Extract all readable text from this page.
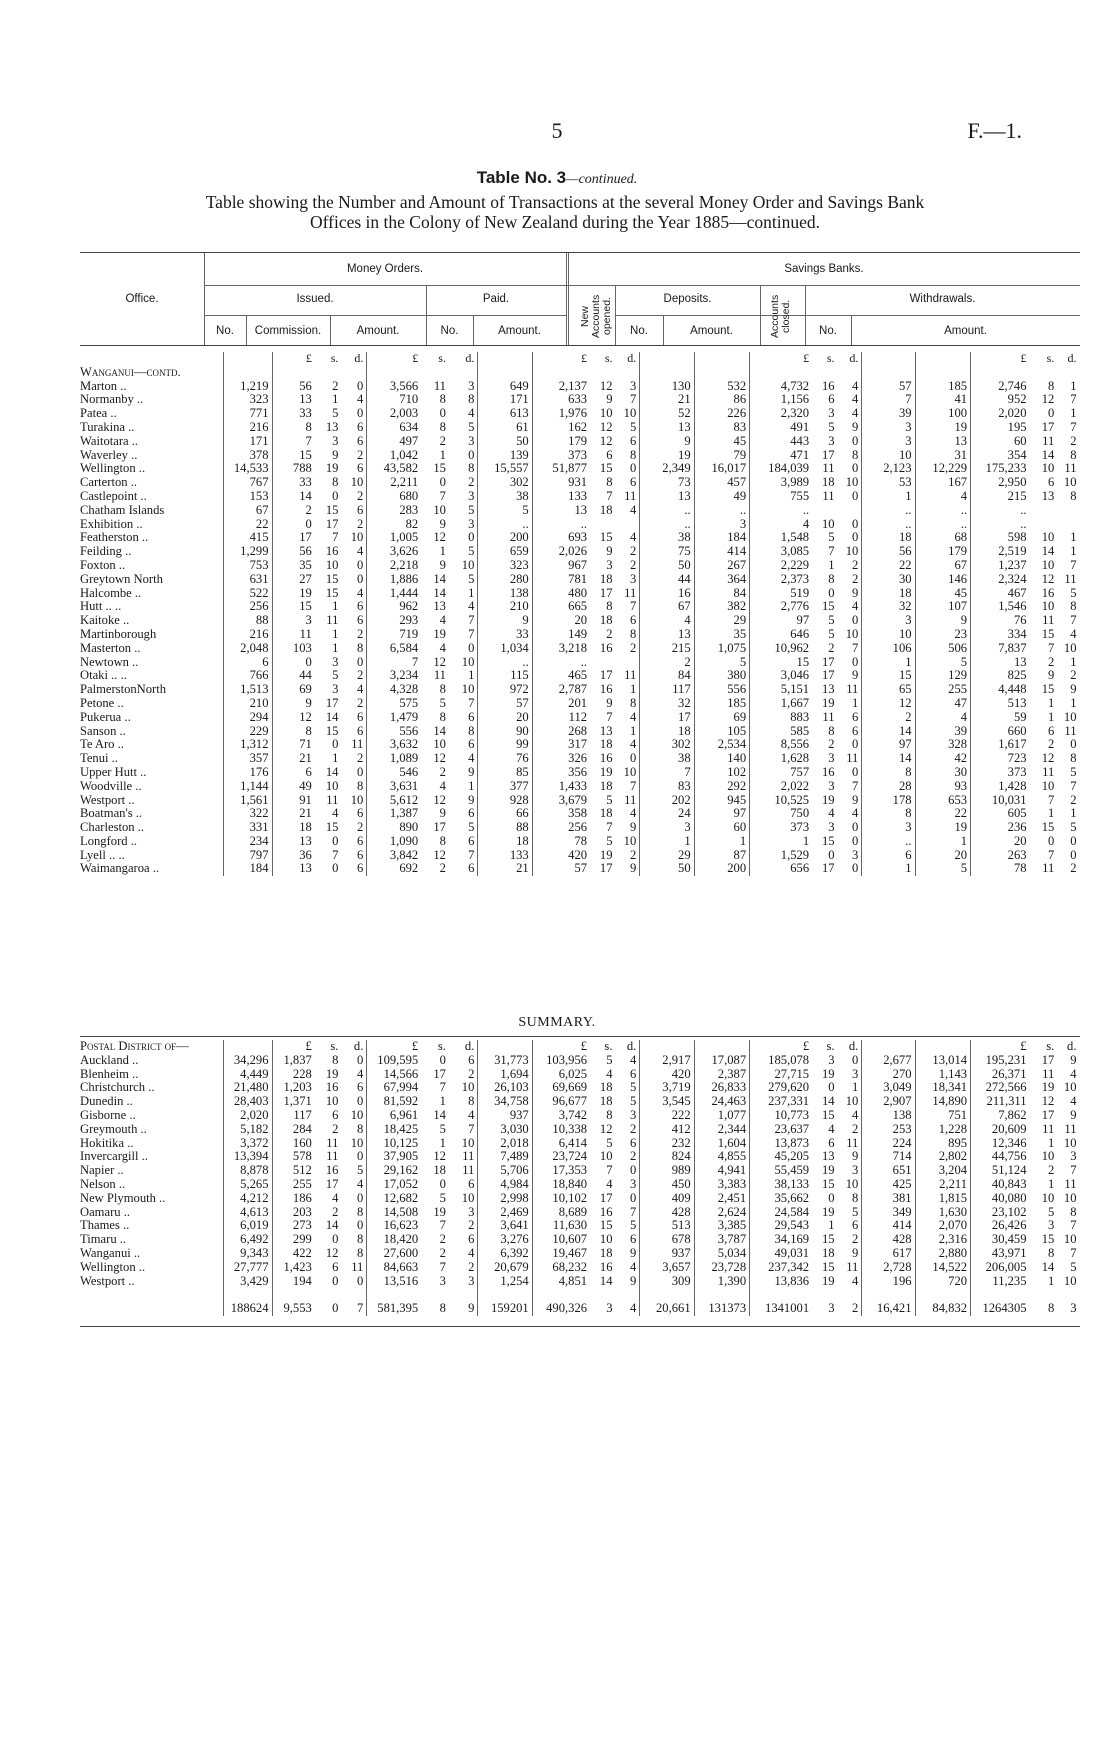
5	F.—1.
Table No. 3—continued.
Table showing the Number and Amount of Transactions at the several Money Order and Savings Bank
Offices in the Colony of New Zealand during the Year 1885—continued.
Money Orders.	Savings Banks.
Office.	Issued.	Paid.
New Accounts opened.	Deposits.	Accounts closed.
Withdrawals.
No.	Commission.	Amount.	No.	Amount.	No.	Amount.	No.	Amount.
		£	s.	d.	£	s.	d.		£	s.	d.			£	s.	d.			£	s.	d.
Wanganui—contd.																					
Marton ..	1,219	56	2	0	3,566	11	3	649	2,137	12	3	130	532	4,732	16	4	57	185	2,746	8	1
Normanby ..	323	13	1	4	710	8	8	171	633	9	7	21	86	1,156	6	4	7	41	952	12	7
Patea ..	771	33	5	0	2,003	0	4	613	1,976	10	10	52	226	2,320	3	4	39	100	2,020	0	1
Turakina ..	216	8	13	6	634	8	5	61	162	12	5	13	83	491	5	9	3	19	195	17	7
Waitotara ..	171	7	3	6	497	2	3	50	179	12	6	9	45	443	3	0	3	13	60	11	2
Waverley ..	378	15	9	2	1,042	1	0	139	373	6	8	19	79	471	17	8	10	31	354	14	8
Wellington ..	14,533	788	19	6	43,582	15	8	15,557	51,877	15	0	2,349	16,017	184,039	11	0	2,123	12,229	175,233	10	11
Carterton ..	767	33	8	10	2,211	0	2	302	931	8	6	73	457	3,989	18	10	53	167	2,950	6	10
Castlepoint ..	153	14	0	2	680	7	3	38	133	7	11	13	49	755	11	0	1	4	215	13	8
Chatham Islands	67	2	15	6	283	10	5	5	13	18	4	..	..	..			..	..	..		
Exhibition ..	22	0	17	2	82	9	3	..	..			..	3	4	10	0	..	..	..		
Featherston ..	415	17	7	10	1,005	12	0	200	693	15	4	38	184	1,548	5	0	18	68	598	10	1
Feilding ..	1,299	56	16	4	3,626	1	5	659	2,026	9	2	75	414	3,085	7	10	56	179	2,519	14	1
Foxton ..	753	35	10	0	2,218	9	10	323	967	3	2	50	267	2,229	1	2	22	67	1,237	10	7
Greytown North	631	27	15	0	1,886	14	5	280	781	18	3	44	364	2,373	8	2	30	146	2,324	12	11
Halcombe ..	522	19	15	4	1,444	14	1	138	480	17	11	16	84	519	0	9	18	45	467	16	5
Hutt .. ..	256	15	1	6	962	13	4	210	665	8	7	67	382	2,776	15	4	32	107	1,546	10	8
Kaitoke ..	88	3	11	6	293	4	7	9	20	18	6	4	29	97	5	0	3	9	76	11	7
Martinborough	216	11	1	2	719	19	7	33	149	2	8	13	35	646	5	10	10	23	334	15	4
Masterton ..	2,048	103	1	8	6,584	4	0	1,034	3,218	16	2	215	1,075	10,962	2	7	106	506	7,837	7	10
Newtown ..	6	0	3	0	7	12	10	..	..			2	5	15	17	0	1	5	13	2	1
Otaki .. ..	766	44	5	2	3,234	11	1	115	465	17	11	84	380	3,046	17	9	15	129	825	9	2
PalmerstonNorth	1,513	69	3	4	4,328	8	10	972	2,787	16	1	117	556	5,151	13	11	65	255	4,448	15	9
Petone ..	210	9	17	2	575	5	7	57	201	9	8	32	185	1,667	19	1	12	47	513	1	1
Pukerua ..	294	12	14	6	1,479	8	6	20	112	7	4	17	69	883	11	6	2	4	59	1	10
Sanson ..	229	8	15	6	556	14	8	90	268	13	1	18	105	585	8	6	14	39	660	6	11
Te Aro ..	1,312	71	0	11	3,632	10	6	99	317	18	4	302	2,534	8,556	2	0	97	328	1,617	2	0
Tenui ..	357	21	1	2	1,089	12	4	76	326	16	0	38	140	1,628	3	11	14	42	723	12	8
Upper Hutt ..	176	6	14	0	546	2	9	85	356	19	10	7	102	757	16	0	8	30	373	11	5
Woodville ..	1,144	49	10	8	3,631	4	1	377	1,433	18	7	83	292	2,022	3	7	28	93	1,428	10	7
Westport ..	1,561	91	11	10	5,612	12	9	928	3,679	5	11	202	945	10,525	19	9	178	653	10,031	7	2
Boatman's ..	322	21	4	6	1,387	9	6	66	358	18	4	24	97	750	4	4	8	22	605	1	1
Charleston ..	331	18	15	2	890	17	5	88	256	7	9	3	60	373	3	0	3	19	236	15	5
Longford ..	234	13	0	6	1,090	8	6	18	78	5	10	1	1	1	15	0	..	1	20	0	0
Lyell .. ..	797	36	7	6	3,842	12	7	133	420	19	2	29	87	1,529	0	3	6	20	263	7	0
Waimangaroa ..	184	13	0	6	692	2	6	21	57	17	9	50	200	656	17	0	1	5	78	11	2
SUMMARY.
Postal District of—		£	s.	d.	£	s.	d.		£	s.	d.			£	s.	d.			£	s.	d.
Auckland ..	34,296	1,837	8	0	109,595	0	6	31,773	103,956	5	4	2,917	17,087	185,078	3	0	2,677	13,014	195,231	17	9
Blenheim ..	4,449	228	19	4	14,566	17	2	1,694	6,025	4	6	420	2,387	27,715	19	3	270	1,143	26,371	11	4
Christchurch ..	21,480	1,203	16	6	67,994	7	10	26,103	69,669	18	5	3,719	26,833	279,620	0	1	3,049	18,341	272,566	19	10
Dunedin ..	28,403	1,371	10	0	81,592	1	8	34,758	96,677	18	5	3,545	24,463	237,331	14	10	2,907	14,890	211,311	12	4
Gisborne ..	2,020	117	6	10	6,961	14	4	937	3,742	8	3	222	1,077	10,773	15	4	138	751	7,862	17	9
Greymouth ..	5,182	284	2	8	18,425	5	7	3,030	10,338	12	2	412	2,344	23,637	4	2	253	1,228	20,609	11	11
Hokitika ..	3,372	160	11	10	10,125	1	10	2,018	6,414	5	6	232	1,604	13,873	6	11	224	895	12,346	1	10
Invercargill ..	13,394	578	11	0	37,905	12	11	7,489	23,724	10	2	824	4,855	45,205	13	9	714	2,802	44,756	10	3
Napier ..	8,878	512	16	5	29,162	18	11	5,706	17,353	7	0	989	4,941	55,459	19	3	651	3,204	51,124	2	7
Nelson ..	5,265	255	17	4	17,052	0	6	4,984	18,840	4	3	450	3,383	38,133	15	10	425	2,211	40,843	1	11
New Plymouth ..	4,212	186	4	0	12,682	5	10	2,998	10,102	17	0	409	2,451	35,662	0	8	381	1,815	40,080	10	10
Oamaru ..	4,613	203	2	8	14,508	19	3	2,469	8,689	16	7	428	2,624	24,584	19	5	349	1,630	23,102	5	8
Thames ..	6,019	273	14	0	16,623	7	2	3,641	11,630	15	5	513	3,385	29,543	1	6	414	2,070	26,426	3	7
Timaru ..	6,492	299	0	8	18,420	2	6	3,276	10,607	10	6	678	3,787	34,169	15	2	428	2,316	30,459	15	10
Wanganui ..	9,343	422	12	8	27,600	2	4	6,392	19,467	18	9	937	5,034	49,031	18	9	617	2,880	43,971	8	7
Wellington ..	27,777	1,423	6	11	84,663	7	2	20,679	68,232	16	4	3,657	23,728	237,342	15	11	2,728	14,522	206,005	14	5
Westport ..	3,429	194	0	0	13,516	3	3	1,254	4,851	14	9	309	1,390	13,836	19	4	196	720	11,235	1	10

	188624	9,553	0	7	581,395	8	9	159201	490,326	3	4	20,661	131373	1341001	3	2	16,421	84,832	1264305	8	3
